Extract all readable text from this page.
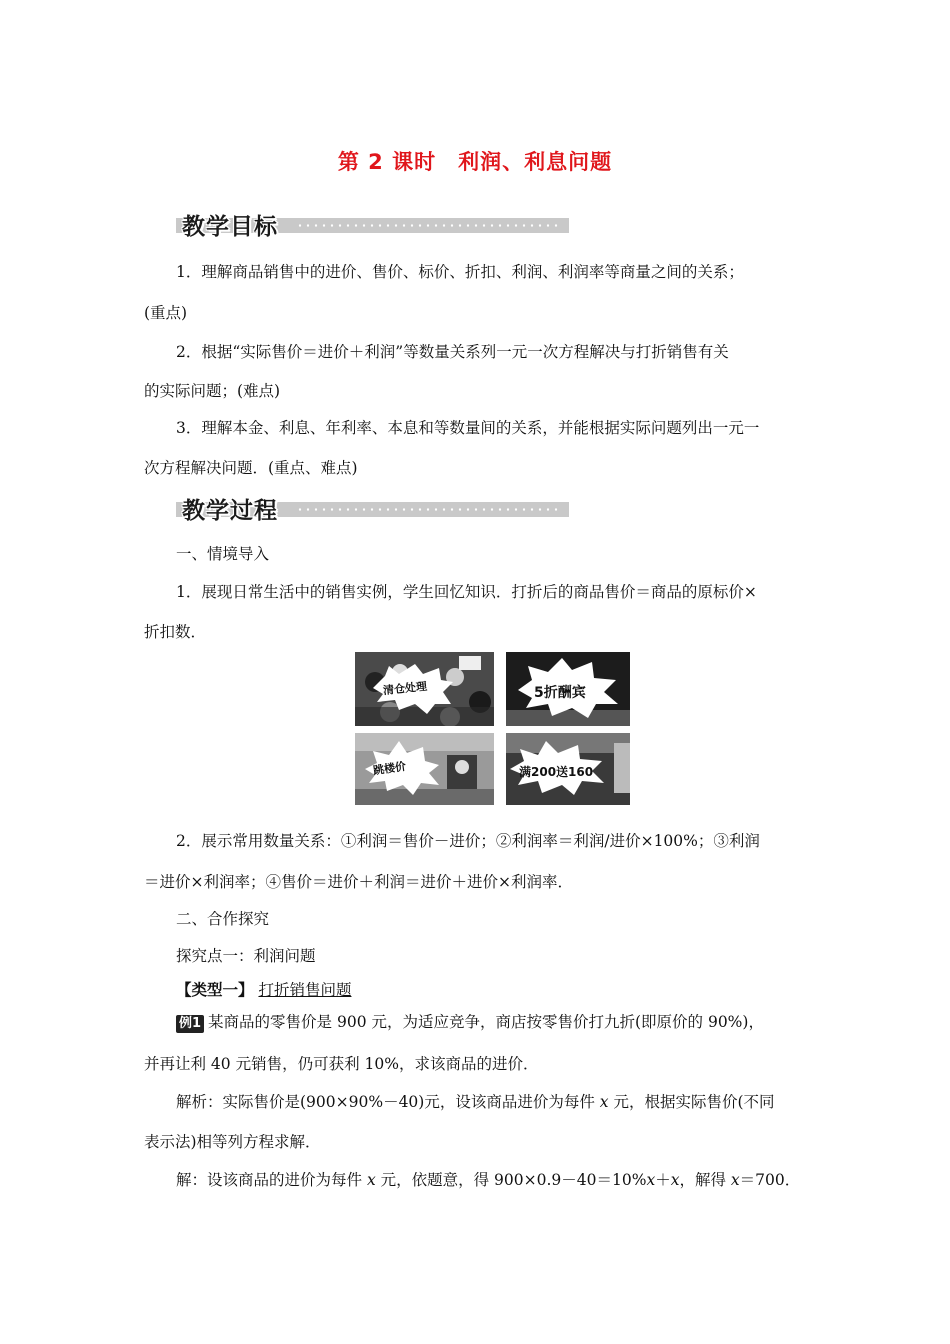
第 2 课时 利润、利息问题
教学目标
1．理解商品销售中的进价、售价、标价、折扣、利润、利润率等商量之间的关系；
(重点)
2．根据“实际售价＝进价＋利润”等数量关系列一元一次方程解决与打折销售有关
的实际问题；(难点)
3．理解本金、利息、年利率、本息和等数量间的关系，并能根据实际问题列出一元一
次方程解决问题．(重点、难点)
教学过程
一、情境导入
1．展现日常生活中的销售实例，学生回忆知识．打折后的商品售价＝商品的原标价×
折扣数．
2．展示常用数量关系：①利润＝售价－进价；②利润率＝利润/进价×100%；③利润
＝进价×利润率；④售价＝进价＋利润＝进价＋进价×利润率．
二、合作探究
探究点一：利润问题
【类型一】 打折销售问题
例1 某商品的零售价是 900 元，为适应竞争，商店按零售价打九折(即原价的 90%)，
并再让利 40 元销售，仍可获利 10%，求该商品的进价．
解析：实际售价是(900×90%－40)元，设该商品进价为每件 x 元，根据实际售价(不同
表示法)相等列方程求解．
解：设该商品的进价为每件 x 元，依题意，得 900×0.9－40＝10%x＋x，解得 x＝700．
清仓处理	5折酬宾
跳楼价	满200送160
